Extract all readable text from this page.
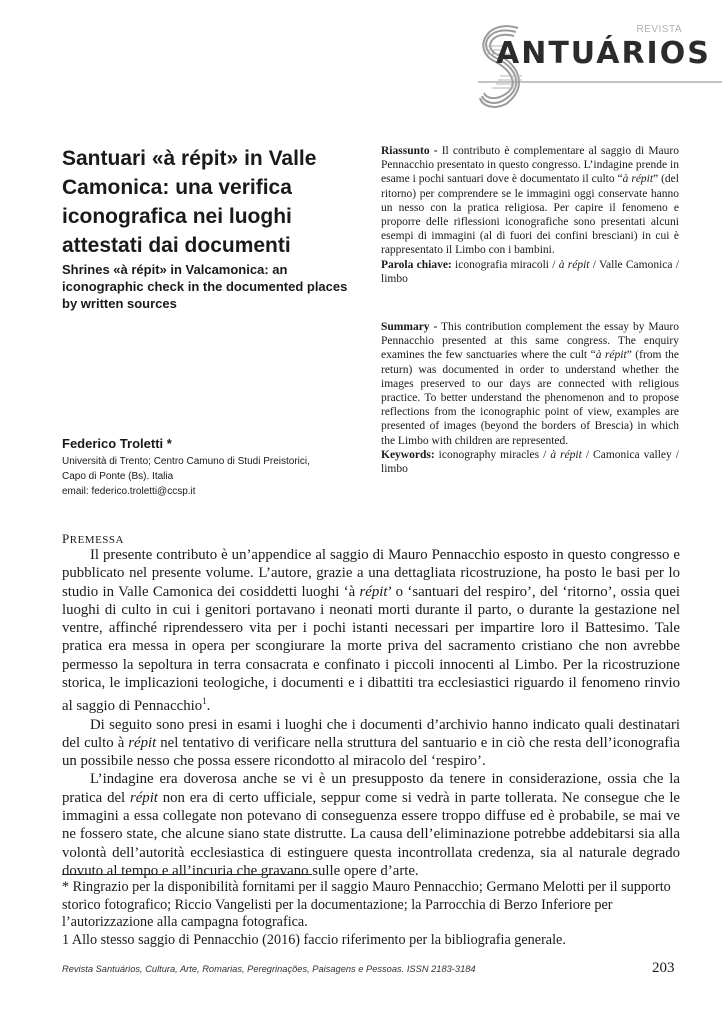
REVISTA
ANTUÁRIOS
Santuari «à répit» in Valle Camonica: una verifica iconografica nei luoghi attestati dai documenti
Shrines «à répit» in Valcamonica: an iconographic check in the documented places by written sources

Federico Troletti *

Università di Trento; Centro Camuno di Studi Preistorici,
Capo di Ponte (Bs). Italia
email: federico.troletti@ccsp.it

Riassunto - Il contributo è complementare al saggio di Mauro Pennacchio presentato in questo congresso. L’indagine prende in esame i pochi santuari dove è documentato il culto “à répit” (del ritorno) per comprendere se le immagini oggi conservate hanno un nesso con la pratica religiosa. Per capire il fenomeno e proporre delle riflessioni iconografiche sono presentati alcuni esempi di immagini (al di fuori dei confini bresciani) in cui è rappresentato il Limbo con i bambini.
Parola chiave: iconografia miracoli / à répit / Valle Camonica / limbo

Summary - This contribution complement the essay by Mauro Pennacchio presented at this same congress. The enquiry examines the few sanctuaries where the cult “à répit” (from the return) was documented in order to understand whether the images preserved to our days are connected with religious practice. To better understand the phenomenon and to propose reflections from the iconographic point of view, examples are presented of images (beyond the borders of Brescia) in which the Limbo with children are represented.
Keywords: iconography miracles / à répit / Camonica valley / limbo

PREMESSA

Il presente contributo è un’appendice al saggio di Mauro Pennacchio esposto in questo congresso e pubblicato nel presente volume. L’autore, grazie a una dettagliata ricostruzione, ha posto le basi per lo studio in Valle Camonica dei cosiddetti luoghi ‘à répit’ o ‘santuari del respiro’, del ‘ritorno’, ossia quei luoghi di culto in cui i genitori portavano i neonati morti durante il parto, o durante la gestazione nel ventre, affinché riprendessero vita per i pochi istanti necessari per impartire loro il Battesimo. Tale pratica era messa in opera per scongiurare la morte priva del sacramento cristiano che non avrebbe permesso la sepoltura in terra consacrata e confinato i piccoli innocenti al Limbo. Per la ricostruzione storica, le implicazioni teologiche, i documenti e i dibattiti tra ecclesiastici riguardo il fenomeno rinvio al saggio di Pennacchio$^1$.

Di seguito sono presi in esami i luoghi che i documenti d’archivio hanno indicato quali destinatari del culto à répit nel tentativo di verificare nella struttura del santuario e in ciò che resta dell’iconografia un possibile nesso che possa essere ricondotto al miracolo del ‘respiro’.

L’indagine era doverosa anche se vi è un presupposto da tenere in considerazione, ossia che la pratica del répit non era di certo ufficiale, seppur come si vedrà in parte tollerata. Ne consegue che le immagini a essa collegate non potevano di conseguenza essere troppo diffuse ed è probabile, se mai ve ne fossero state, che alcune siano state distrutte. La causa dell’eliminazione potrebbe addebitarsi sia alla volontà dell’autorità ecclesiastica di estinguere questa incontrollata credenza, sia al naturale degrado dovuto al tempo e all’incuria che gravano sulle opere d’arte.

* Ringrazio per la disponibilità fornitami per il saggio Mauro Pennacchio; Germano Melotti per il supporto storico fotografico; Riccio Vangelisti per la documentazione; la Parrocchia di Berzo Inferiore per l’autorizzazione alla campagna fotografica.

1 Allo stesso saggio di Pennacchio (2016) faccio riferimento per la bibliografia generale.

Revista Santuários, Cultura, Arte, Romarias, Peregrinações, Paisagens e Pessoas. ISSN 2183-3184	203
